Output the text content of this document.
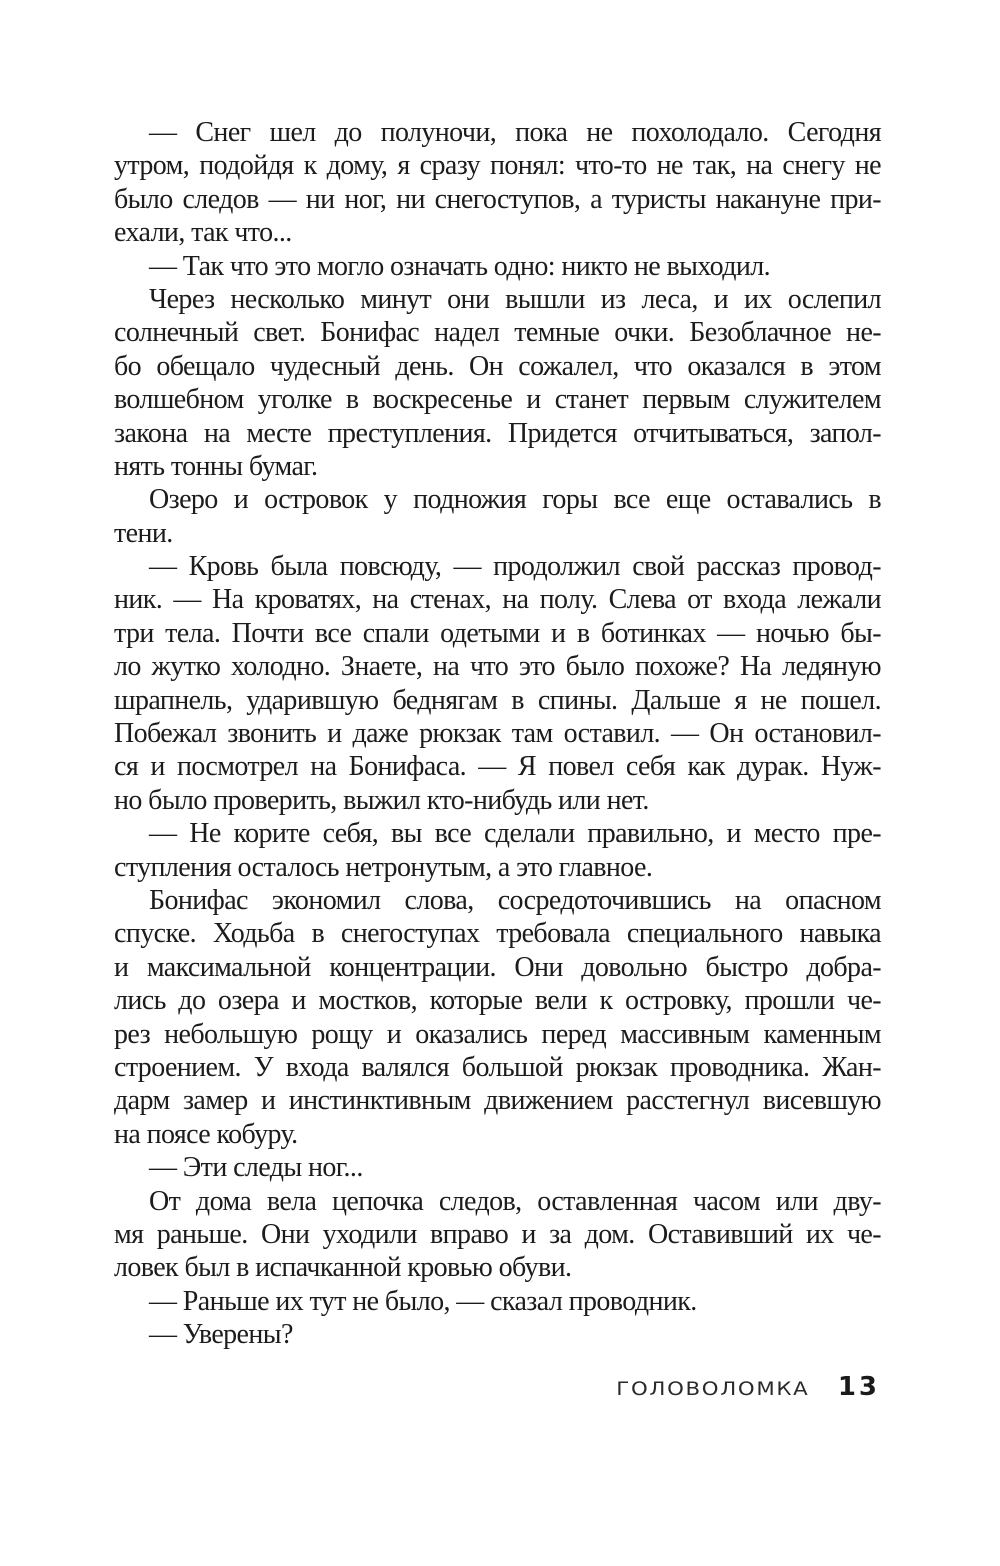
— Снег шел до полуночи, пока не похолодало. Сегодня
утром, подойдя к дому, я сразу понял: что-то не так, на снегу не
было следов — ни ног, ни снегоступов, а туристы накануне при-
ехали, так что...
— Так что это могло означать одно: никто не выходил.
Через несколько минут они вышли из леса, и их ослепил
солнечный свет. Бонифас надел темные очки. Безоблачное не-
бо обещало чудесный день. Он сожалел, что оказался в этом
волшебном уголке в воскресенье и станет первым служителем
закона на месте преступления. Придется отчитываться, запол-
нять тонны бумаг.
Озеро и островок у подножия горы все еще оставались в
тени.
— Кровь была повсюду, — продолжил свой рассказ провод-
ник. — На кроватях, на стенах, на полу. Слева от входа лежали
три тела. Почти все спали одетыми и в ботинках — ночью бы-
ло жутко холодно. Знаете, на что это было похоже? На ледяную
шрапнель, ударившую беднягам в спины. Дальше я не пошел.
Побежал звонить и даже рюкзак там оставил. — Он остановил-
ся и посмотрел на Бонифаса. — Я повел себя как дурак. Нуж-
но было проверить, выжил кто-нибудь или нет.
— Не корите себя, вы все сделали правильно, и место пре-
ступления осталось нетронутым, а это главное.
Бонифас экономил слова, сосредоточившись на опасном
спуске. Ходьба в снегоступах требовала специального навыка
и максимальной концентрации. Они довольно быстро добра-
лись до озера и мостков, которые вели к островку, прошли че-
рез небольшую рощу и оказались перед массивным каменным
строением. У входа валялся большой рюкзак проводника. Жан-
дарм замер и инстинктивным движением расстегнул висевшую
на поясе кобуру.
— Эти следы ног...
От дома вела цепочка следов, оставленная часом или дву-
мя раньше. Они уходили вправо и за дом. Оставивший их че-
ловек был в испачканной кровью обуви.
— Раньше их тут не было, — сказал проводник.
— Уверены?
ГОЛОВОЛОМКА 13
